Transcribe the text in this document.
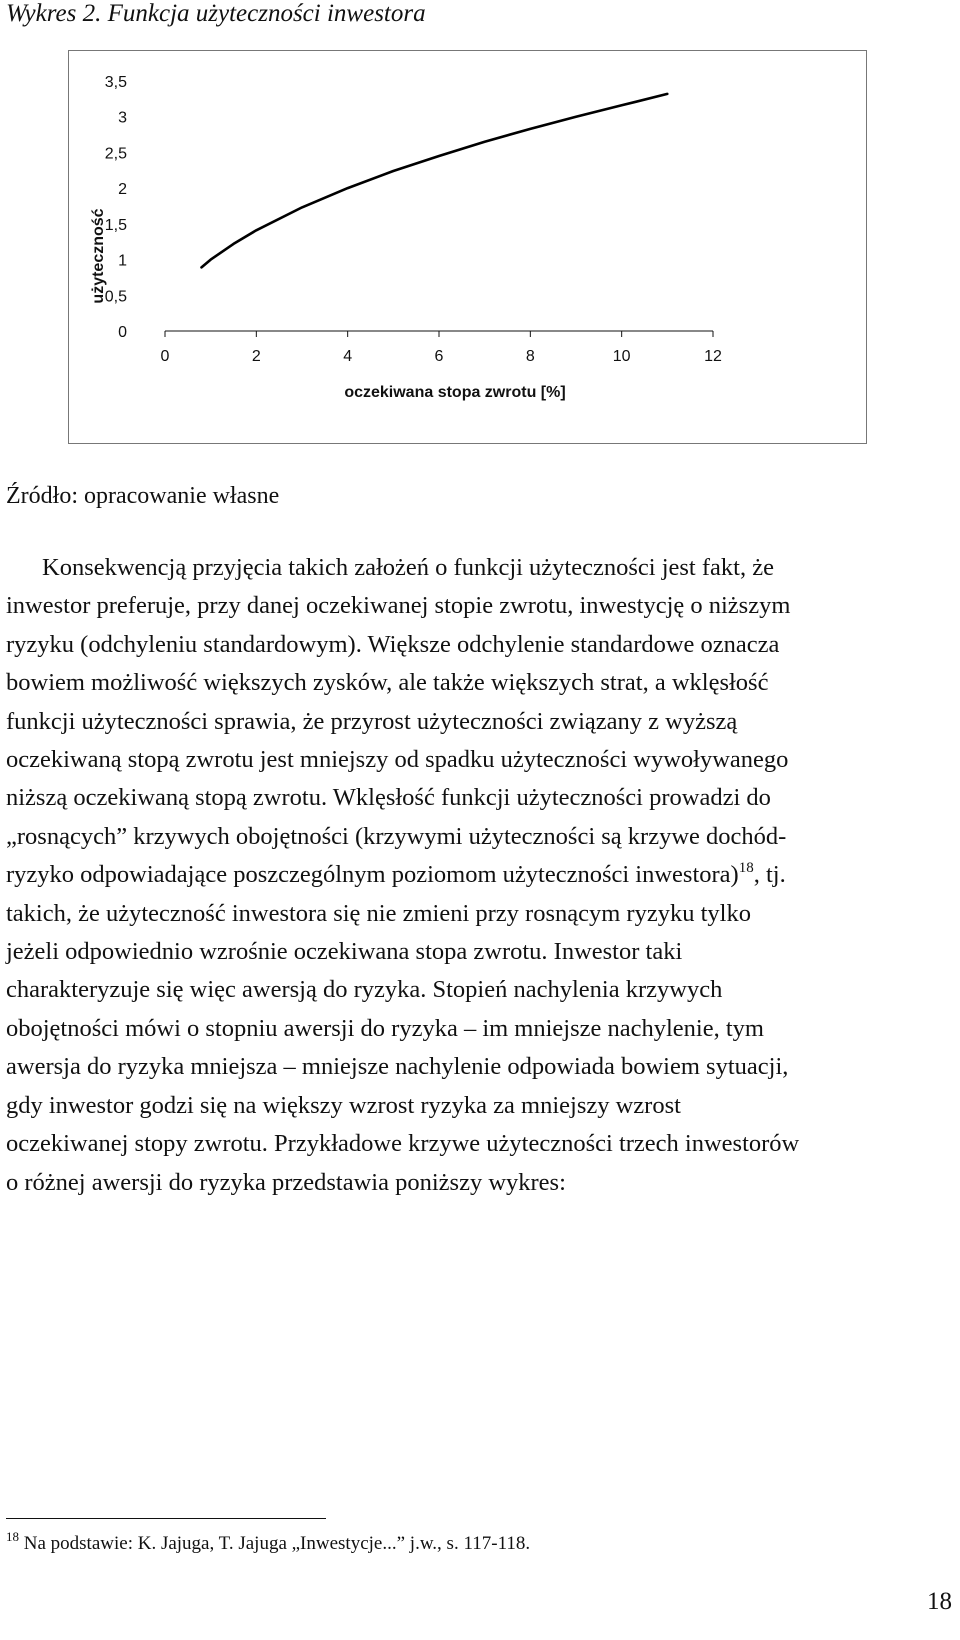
Wykres 2. Funkcja użyteczności inwestora
użyteczność
oczekiwana stopa zwrotu [%]
0	2	4	6	8	10	12
0
0,5
1
1,5
2
2,5
3
3,5
Źródło: opracowanie własne
Konsekwencją przyjęcia takich założeń o funkcji użyteczności jest fakt, że
inwestor preferuje, przy danej oczekiwanej stopie zwrotu, inwestycję o niższym
ryzyku (odchyleniu standardowym). Większe odchylenie standardowe oznacza
bowiem możliwość większych zysków, ale także większych strat, a wklęsłość
funkcji użyteczności sprawia, że przyrost użyteczności związany z wyższą
oczekiwaną stopą zwrotu jest mniejszy od spadku użyteczności wywoływanego
niższą oczekiwaną stopą zwrotu. Wklęsłość funkcji użyteczności prowadzi do
„rosnących” krzywych obojętności (krzywymi użyteczności są krzywe dochód-
ryzyko odpowiadające poszczególnym poziomom użyteczności inwestora)$^{18}$, tj.
takich, że użyteczność inwestora się nie zmieni przy rosnącym ryzyku tylko
jeżeli odpowiednio wzrośnie oczekiwana stopa zwrotu. Inwestor taki
charakteryzuje się więc awersją do ryzyka. Stopień nachylenia krzywych
obojętności mówi o stopniu awersji do ryzyka – im mniejsze nachylenie, tym
awersja do ryzyka mniejsza – mniejsze nachylenie odpowiada bowiem sytuacji,
gdy inwestor godzi się na większy wzrost ryzyka za mniejszy wzrost
oczekiwanej stopy zwrotu. Przykładowe krzywe użyteczności trzech inwestorów
o różnej awersji do ryzyka przedstawia poniższy wykres:
$^{18}$ Na podstawie: K. Jajuga, T. Jajuga „Inwestycje...” j.w., s. 117-118.
18
